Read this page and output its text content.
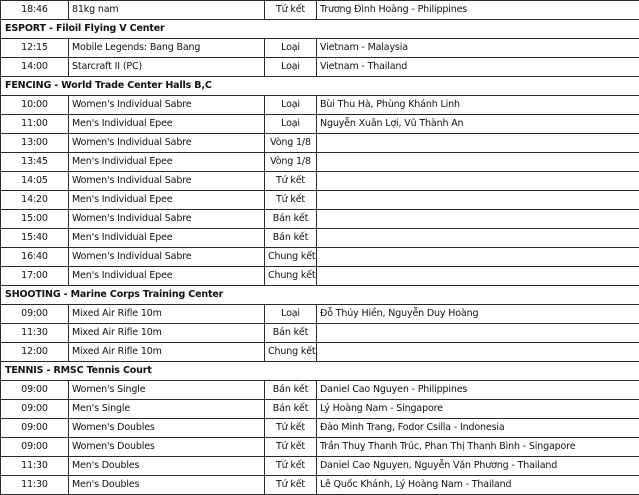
18:46	81kg nam	Tứ kết	Trương Đình Hoàng - Philippines
ESPORT - Filoil Flying V Center			
12:15	Mobile Legends: Bang Bang	Loại	Vietnam - Malaysia
14:00	Starcraft II (PC)	Loại	Vietnam - Thailand
FENCING - World Trade Center Halls B,C			
10:00	Women's Individual Sabre	Loại	Bùi Thu Hà, Phùng Khánh Linh
11:00	Men's Individual Epee	Loại	Nguyễn Xuân Lợi, Vũ Thành An
13:00	Women's Individual Sabre	Vòng 1/8	
13:45	Men's Individual Epee	Vòng 1/8	
14:05	Women's Individual Sabre	Tứ kết	
14:20	Men's Individual Epee	Tứ kết	
15:00	Women's Individual Sabre	Bán kết	
15:40	Men's Individual Epee	Bán kết	
16:40	Women's Individual Sabre	Chung kết	
17:00	Men's Individual Epee	Chung kết	
SHOOTING - Marine Corps Training Center			
09:00	Mixed Air Rifle 10m	Loại	Đỗ Thúy Hiền, Nguyễn Duy Hoàng
11:30	Mixed Air Rifle 10m	Bán kết	
12:00	Mixed Air Rifle 10m	Chung kết	
TENNIS - RMSC Tennis Court			
09:00	Women's Single	Bán kết	Daniel Cao Nguyen - Philippines
09:00	Men's Single	Bán kết	Lý Hoàng Nam - Singapore
09:00	Women's Doubles	Tứ kết	Đào Minh Trang, Fodor Csilla - Indonesia
09:00	Women's Doubles	Tứ kết	Trần Thuỵ Thanh Trúc, Phan Thị Thanh Bình - Singapore
11:30	Men's Doubles	Tứ kết	Daniel Cao Nguyen, Nguyễn Văn Phương - Thailand
11:30	Men's Doubles	Tứ kết	Lê Quốc Khánh, Lý Hoàng Nam - Thailand
